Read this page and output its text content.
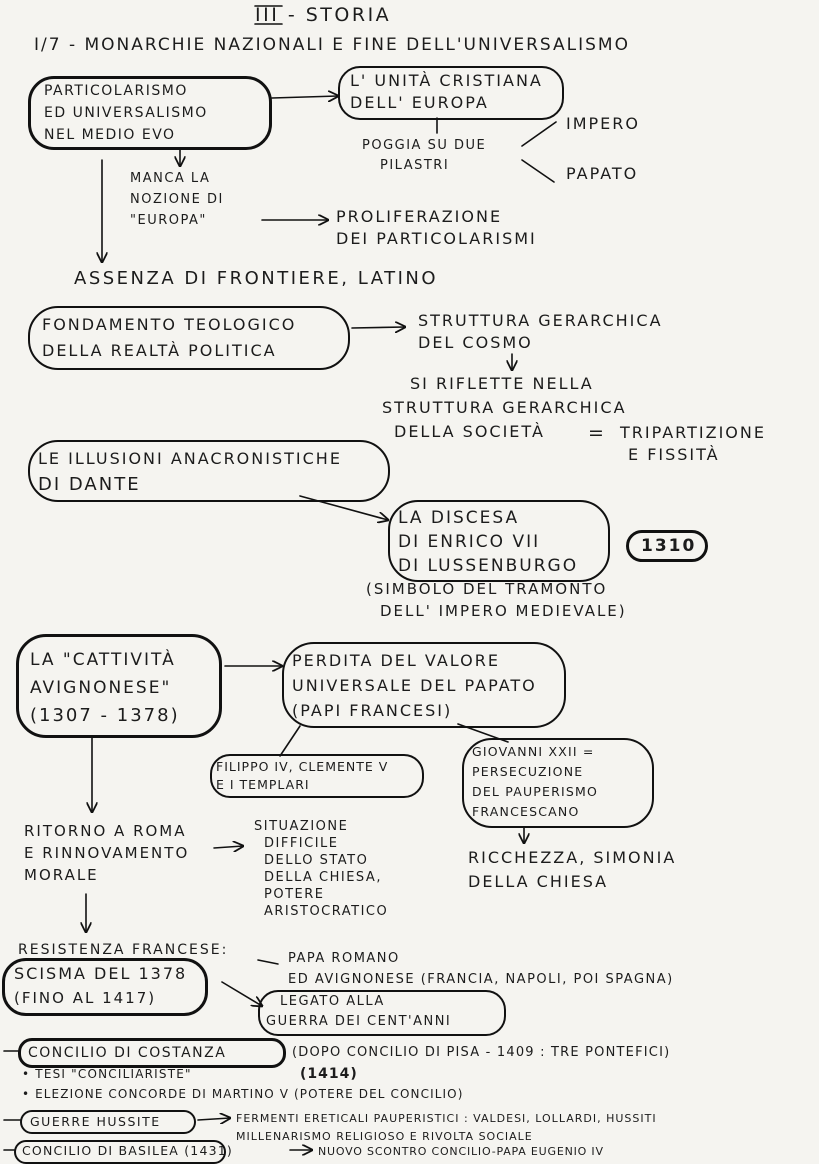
III - STORIA
I/7 - MONARCHIE NAZIONALI E FINE DELL'UNIVERSALISMO
PARTICOLARISMO
ED UNIVERSALISMO
NEL MEDIO EVO
L' UNITÀ CRISTIANA
DELL' EUROPA
POGGIA SU DUE
PILASTRI
IMPERO
PAPATO
MANCA LA
NOZIONE DI
"EUROPA"	PROLIFERAZIONE
DEI PARTICOLARISMI
ASSENZA DI FRONTIERE, LATINO
FONDAMENTO TEOLOGICO
DELLA REALTÀ POLITICA
STRUTTURA GERARCHICA
DEL COSMO
SI RIFLETTE NELLA
STRUTTURA GERARCHICA
DELLA SOCIETÀ	= TRIPARTIZIONE
E FISSITÀ
LE ILLUSIONI ANACRONISTICHE
DI DANTE
LA DISCESA
DI ENRICO VII
DI LUSSENBURGO
1310
(SIMBOLO DEL TRAMONTO
DELL' IMPERO MEDIEVALE)
LA "CATTIVITÀ
AVIGNONESE"
(1307 - 1378)
PERDITA DEL VALORE
UNIVERSALE DEL PAPATO
(PAPI FRANCESI)
FILIPPO IV, CLEMENTE V
E I TEMPLARI
GIOVANNI XXII =
PERSECUZIONE
DEL PAUPERISMO
FRANCESCANO
RITORNO A ROMA
E RINNOVAMENTO
MORALE
SITUAZIONE
DIFFICILE
DELLO STATO
DELLA CHIESA,
POTERE
ARISTOCRATICO
RICCHEZZA, SIMONIA
DELLA CHIESA
RESISTENZA FRANCESE:
PAPA ROMANO
ED AVIGNONESE (FRANCIA, NAPOLI, POI SPAGNA)
SCISMA DEL 1378
(FINO AL 1417)	LEGATO ALLA
GUERRA DEI CENT'ANNI
CONCILIO DI COSTANZA	(DOPO CONCILIO DI PISA - 1409 : TRE PONTEFICI)
• TESI "CONCILIARISTE"	(1414)
• ELEZIONE CONCORDE DI MARTINO V (POTERE DEL CONCILIO)
GUERRE HUSSITE	FERMENTI ERETICALI PAUPERISTICI : VALDESI, LOLLARDI, HUSSITI
MILLENARISMO RELIGIOSO E RIVOLTA SOCIALE
CONCILIO DI BASILEA (1431)	NUOVO SCONTRO CONCILIO-PAPA EUGENIO IV
